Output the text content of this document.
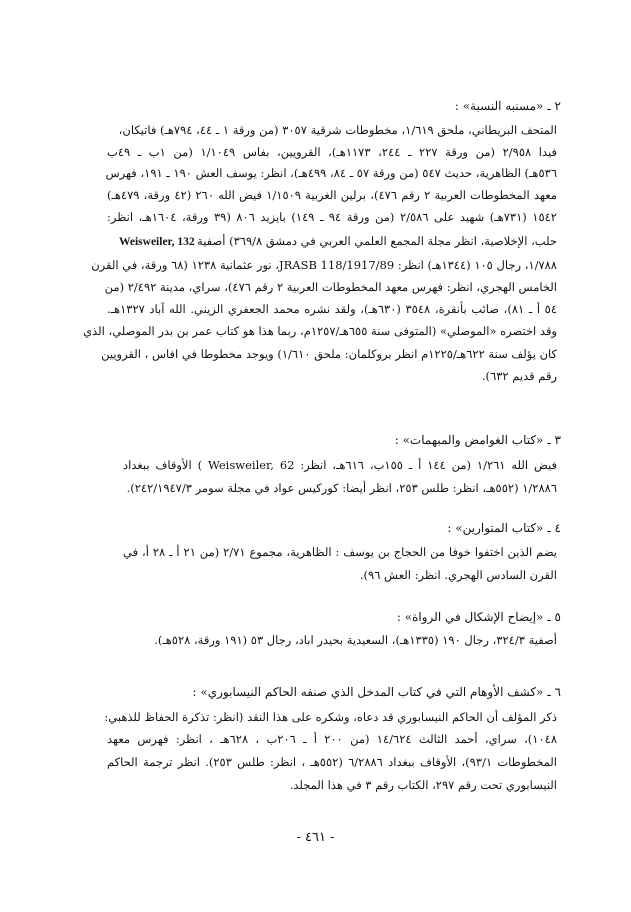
٢ ـ «مسنبه النسبة» :
المتحف البريطاني، ملحق ١/٦١٩، مخطوطات شرقية ٣٠٥٧ (من ورقة ١ ـ ٤٤، ٧٩٤هـ) فاتيكان،
فيدا ٢/٩٥٨ (من ورقة ٢٢٧ ـ ٢٤٤، ١١٧٣هـ)، القرويين، بفاس ١/١٠٤٩ (من ١ب ـ ٤٩ب
٥٣٦هـ) الظاهرية، حديث ٥٤٧ (من ورقة ٥٧ ـ ٨٤، ٤٩٩هـ)، انظر: يوسف العش ١٩٠ ـ ١٩١، فهرس
معهد المخطوطات العربية ٢ رقم ٤٧٦)، برلين الغربية ١/١٥٠٩ فيض الله ٢٦٠ (٤٢ ورقة، ٤٧٩هـ)
١٥٤٢ (٧٣١هـ) شهيد على ٢/٥٨٦ (من ورقة ٩٤ ـ ١٤٩) بايزيد ٨٠٦ (٣٩ ورقة، ١٦٠٤هـ، انظر:
حلب، الإخلاصية، انظر مجلة المجمع العلمي العربي في دمشق ٣٦٩/٨) أصفية
Weisweiler, 132
١/٧٨٨، رجال ١٠٥ (١٣٤٤هـ) انظر: JRASB 118/1917/89، نور عثمانية ١٢٣٨ (٦٨ ورقة، في القرن
الخامس الهجري، انظر: فهرس معهد المخطوطات العربية ٢ رقم ٤٧٦)، سراي، مدينة ٢/٤٩٢ (من
٥٤ أ ـ ٨١)، صائب بأنقرة، ٣٥٤٨ (٦٣٠هـ)، ولقد نشره محمد الجعفري الزيني. الله آباد ١٣٢٧هـ.
وقد اختصره «الموصلي» (المتوفى سنة ٦٥٥هـ/١٢٥٧م، ربما هذا هو كتاب عمر بن بدر الموصلي، الذي
كان يؤلف سنة ٦٢٢هـ/١٢٢٥م انظر بروكلمان: ملحق ١/٦١٠) ويوجد مخطوطا في افاس ، القرويين
رقم قديم ٦٣٢).
٣ ـ «كتاب الغوامض والمبهمات» :
فيض الله ١/٢٦١ (من ١٤٤ أ ـ ١٥٥ب، ٦١٦هـ، انظر: Weisweiler, 62 ) الأوقاف ببغداد
١/٢٨٨٦ (٥٥٢هـ، انظر: طلس ٢٥٣، انظر أيضا: كوركيس عواد في مجلة سومر ٢٤٢/١٩٤٧/٣).
٤ ـ «كتاب المتوارين» :
يضم الذين اختفوا خوفا من الحجاج بن يوسف : الظاهرية، مجموع ٢/٧١ (من ٢١ أ ـ ٢٨ أ، في
القرن السادس الهجري. انظر: العش ٩٦).
٥ ـ «إيضاح الإشكال في الرواة» :
أصفية ٣٢٤/٣، رجال ١٩٠ (١٣٣٥هـ)، السعيدية بحيدر اباد، رجال ٥٣ (١٩١ ورقة، ٥٢٨هـ).
٦ ـ «كشف الأوهام التي في كتاب المدخل الذي صنفه الحاكم النيسابوري» :
ذكر المؤلف أن الحاكم النيسابوري قد دعاه، وشكره على هذا النقد (انظر: تذكرة الحفاظ للذهبي:
١٠٤٨)، سراي، أحمد الثالث ١٤/٦٢٤ (من ٢٠٠ أ ـ ٢٠٦ب ، ٦٢٨هـ ، انظر: فهرس معهد
المخطوطات ٩٣/١)، الأوقاف ببغداد ٦/٢٨٨٦ (٥٥٢هـ ، انظر: طلس ٢٥٣). انظر ترجمة الحاكم
النيسابوري تحت رقم ٢٩٧، الكتاب رقم ٣ في هذا المجلد.
- ٤٦١ -
